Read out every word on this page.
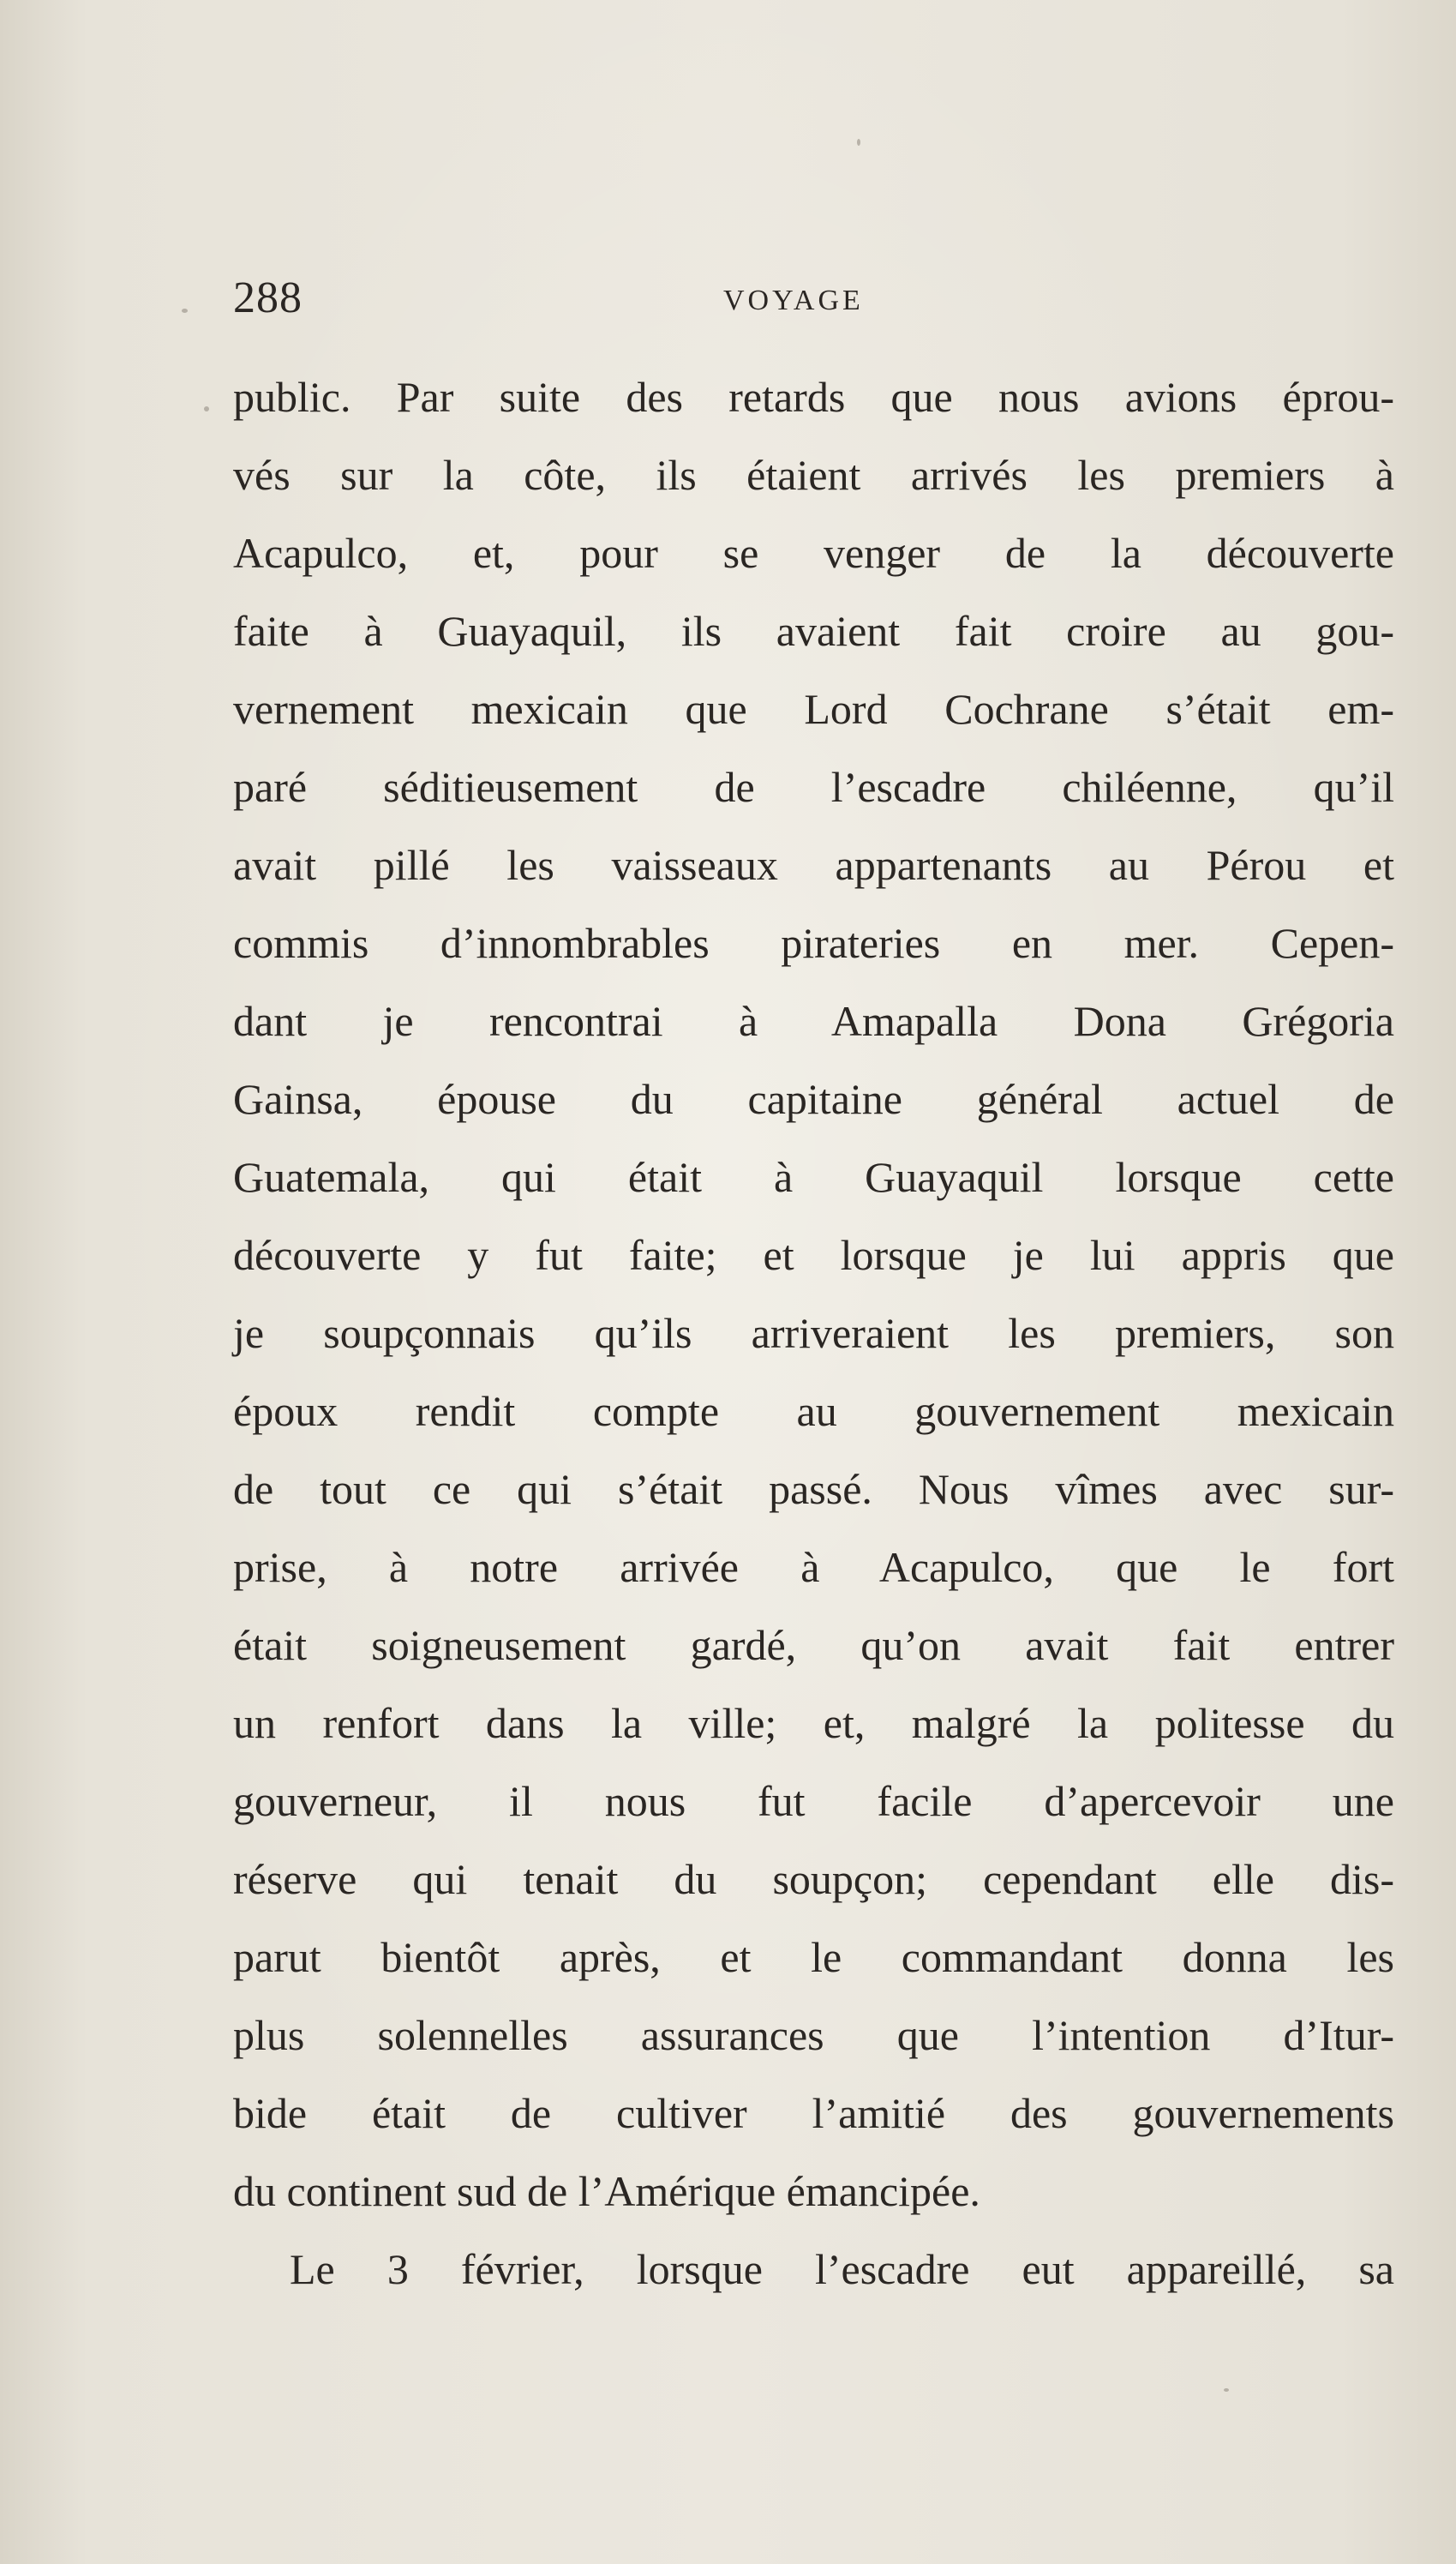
288	VOYAGE
public. Par suite des retards que nous avions éprou-
vés sur la côte, ils étaient arrivés les premiers à
Acapulco, et, pour se venger de la découverte
faite à Guayaquil, ils avaient fait croire au gou-
vernement mexicain que Lord Cochrane s’était em-
paré séditieusement de l’escadre chiléenne, qu’il
avait pillé les vaisseaux appartenants au Pérou et
commis d’innombrables pirateries en mer. Cepen-
dant je rencontrai à Amapalla Dona Grégoria
Gainsa, épouse du capitaine général actuel de
Guatemala, qui était à Guayaquil lorsque cette
découverte y fut faite; et lorsque je lui appris que
je soupçonnais qu’ils arriveraient les premiers, son
époux rendit compte au gouvernement mexicain
de tout ce qui s’était passé. Nous vîmes avec sur-
prise, à notre arrivée à Acapulco, que le fort
était soigneusement gardé, qu’on avait fait entrer
un renfort dans la ville; et, malgré la politesse du
gouverneur, il nous fut facile d’apercevoir une
réserve qui tenait du soupçon; cependant elle dis-
parut bientôt après, et le commandant donna les
plus solennelles assurances que l’intention d’Itur-
bide était de cultiver l’amitié des gouvernements
du continent sud de l’Amérique émancipée.
Le 3 février, lorsque l’escadre eut appareillé, sa
